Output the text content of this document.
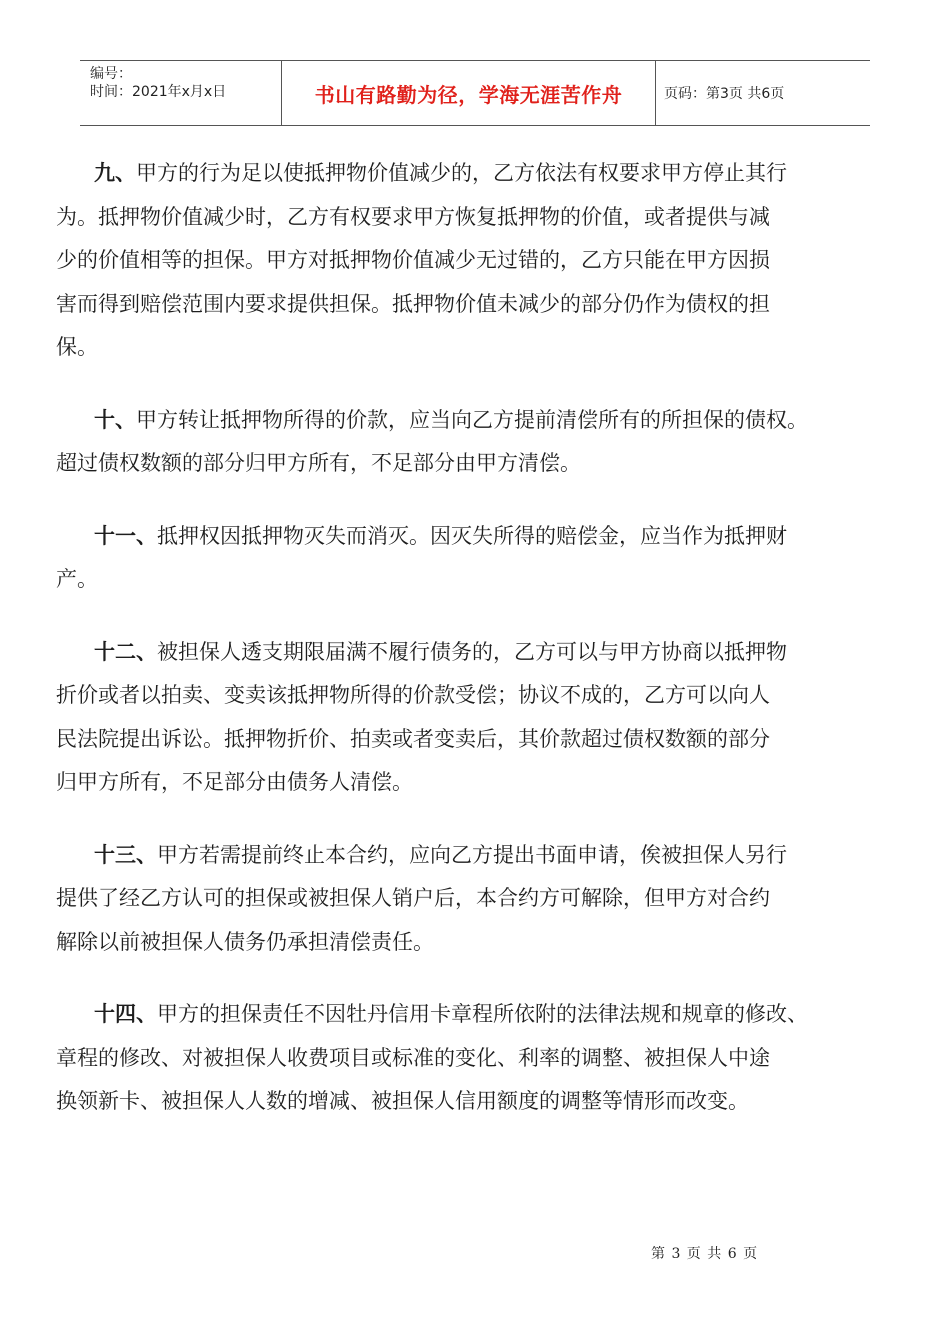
编号：
时间：2021年x月x日	书山有路勤为径，学海无涯苦作舟	页码：第3页 共6页

九、甲方的行为足以使抵押物价值减少的，乙方依法有权要求甲方停止其行
为。抵押物价值减少时，乙方有权要求甲方恢复抵押物的价值，或者提供与减
少的价值相等的担保。甲方对抵押物价值减少无过错的，乙方只能在甲方因损
害而得到赔偿范围内要求提供担保。抵押物价值未减少的部分仍作为债权的担
保。

十、甲方转让抵押物所得的价款，应当向乙方提前清偿所有的所担保的债权。
超过债权数额的部分归甲方所有，不足部分由甲方清偿。

十一、抵押权因抵押物灭失而消灭。因灭失所得的赔偿金，应当作为抵押财
产。

十二、被担保人透支期限届满不履行债务的，乙方可以与甲方协商以抵押物
折价或者以拍卖、变卖该抵押物所得的价款受偿；协议不成的，乙方可以向人
民法院提出诉讼。抵押物折价、拍卖或者变卖后，其价款超过债权数额的部分
归甲方所有，不足部分由债务人清偿。

十三、甲方若需提前终止本合约，应向乙方提出书面申请，俟被担保人另行
提供了经乙方认可的担保或被担保人销户后，本合约方可解除，但甲方对合约
解除以前被担保人债务仍承担清偿责任。

十四、甲方的担保责任不因牡丹信用卡章程所依附的法律法规和规章的修改、
章程的修改、对被担保人收费项目或标准的变化、利率的调整、被担保人中途
换领新卡、被担保人人数的增减、被担保人信用额度的调整等情形而改变。

第 3 页 共 6 页
